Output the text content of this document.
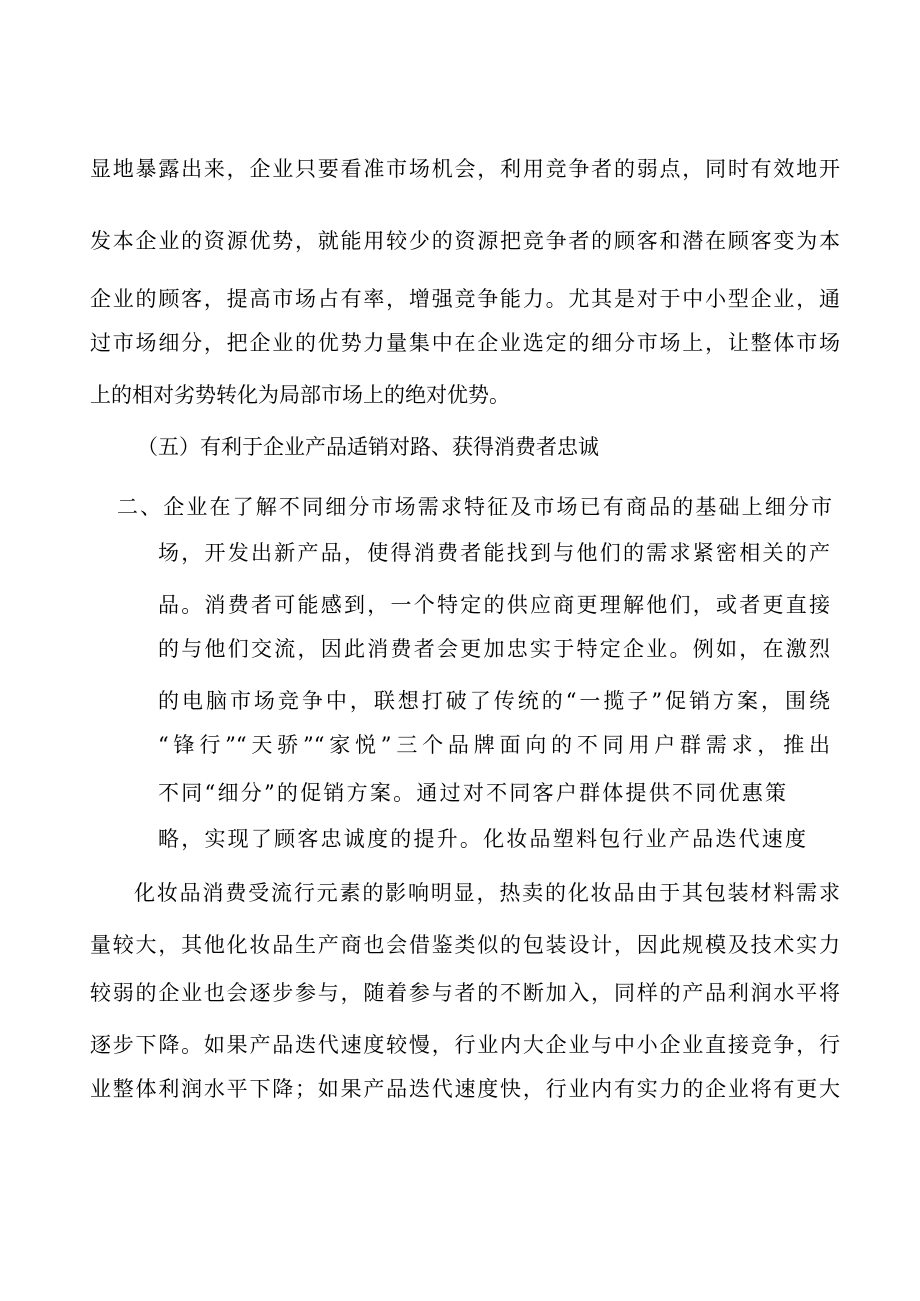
显地暴露出来，企业只要看准市场机会，利用竞争者的弱点，同时有效地开
发本企业的资源优势，就能用较少的资源把竞争者的顾客和潜在顾客变为本
企业的顾客，提高市场占有率，增强竞争能力。尤其是对于中小型企业，通
过市场细分，把企业的优势力量集中在企业选定的细分市场上，让整体市场
上的相对劣势转化为局部市场上的绝对优势。
（五）有利于企业产品适销对路、获得消费者忠诚
二、企业在了解不同细分市场需求特征及市场已有商品的基础上细分市
场，开发出新产品，使得消费者能找到与他们的需求紧密相关的产
品。消费者可能感到，一个特定的供应商更理解他们，或者更直接
的与他们交流，因此消费者会更加忠实于特定企业。例如，在激烈
的电脑市场竞争中，联想打破了传统的“一揽子”促销方案，围绕
“锋行”“天骄”“家悦”三个品牌面向的不同用户群需求，推出
不同“细分”的促销方案。通过对不同客户群体提供不同优惠策
略，实现了顾客忠诚度的提升。化妆品塑料包行业产品迭代速度
化妆品消费受流行元素的影响明显，热卖的化妆品由于其包装材料需求
量较大，其他化妆品生产商也会借鉴类似的包装设计，因此规模及技术实力
较弱的企业也会逐步参与，随着参与者的不断加入，同样的产品利润水平将
逐步下降。如果产品迭代速度较慢，行业内大企业与中小企业直接竞争，行
业整体利润水平下降；如果产品迭代速度快，行业内有实力的企业将有更大
